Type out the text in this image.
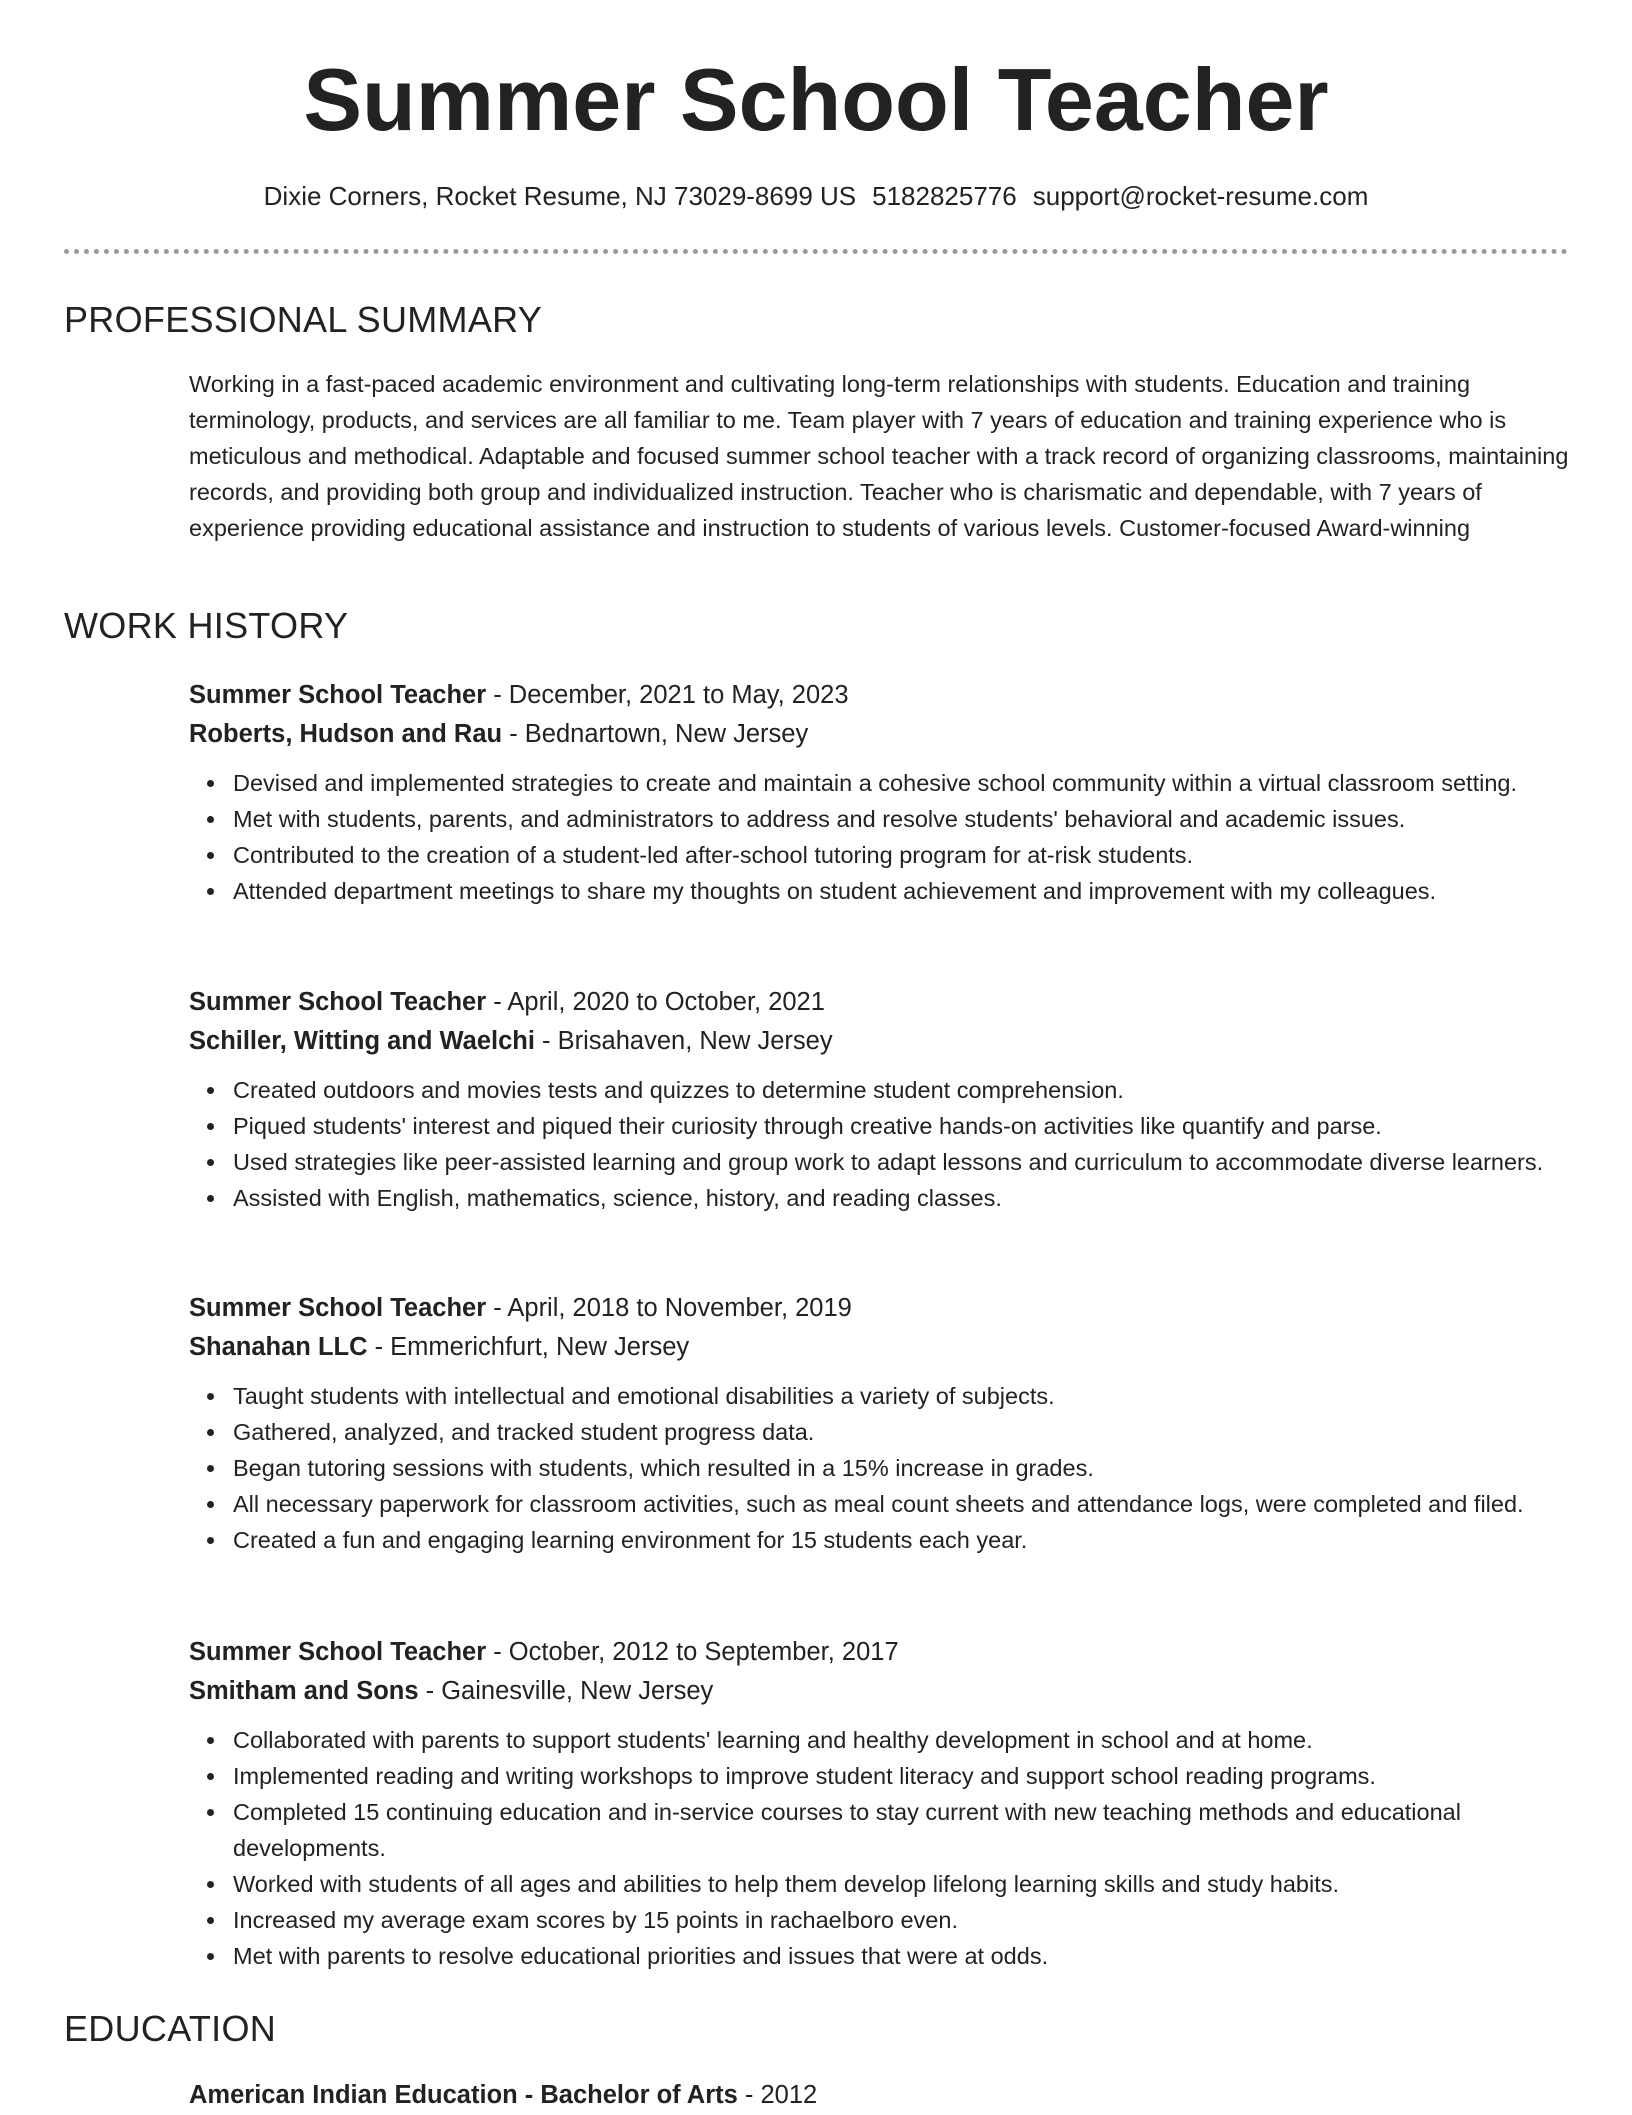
Summer School Teacher
Dixie Corners, Rocket Resume, NJ 73029-8699 US 5182825776 support@rocket-resume.com
PROFESSIONAL SUMMARY
Working in a fast-paced academic environment and cultivating long-term relationships with students. Education and training terminology, products, and services are all familiar to me. Team player with 7 years of education and training experience who is meticulous and methodical. Adaptable and focused summer school teacher with a track record of organizing classrooms, maintaining records, and providing both group and individualized instruction. Teacher who is charismatic and dependable, with 7 years of experience providing educational assistance and instruction to students of various levels. Customer-focused Award-winning
WORK HISTORY
Summer School Teacher - December, 2021 to May, 2023
Roberts, Hudson and Rau - Bednartown, New Jersey
Devised and implemented strategies to create and maintain a cohesive school community within a virtual classroom setting.
Met with students, parents, and administrators to address and resolve students' behavioral and academic issues.
Contributed to the creation of a student-led after-school tutoring program for at-risk students.
Attended department meetings to share my thoughts on student achievement and improvement with my colleagues.
Summer School Teacher - April, 2020 to October, 2021
Schiller, Witting and Waelchi - Brisahaven, New Jersey
Created outdoors and movies tests and quizzes to determine student comprehension.
Piqued students' interest and piqued their curiosity through creative hands-on activities like quantify and parse.
Used strategies like peer-assisted learning and group work to adapt lessons and curriculum to accommodate diverse learners.
Assisted with English, mathematics, science, history, and reading classes.
Summer School Teacher - April, 2018 to November, 2019
Shanahan LLC - Emmerichfurt, New Jersey
Taught students with intellectual and emotional disabilities a variety of subjects.
Gathered, analyzed, and tracked student progress data.
Began tutoring sessions with students, which resulted in a 15% increase in grades.
All necessary paperwork for classroom activities, such as meal count sheets and attendance logs, were completed and filed.
Created a fun and engaging learning environment for 15 students each year.
Summer School Teacher - October, 2012 to September, 2017
Smitham and Sons - Gainesville, New Jersey
Collaborated with parents to support students' learning and healthy development in school and at home.
Implemented reading and writing workshops to improve student literacy and support school reading programs.
Completed 15 continuing education and in-service courses to stay current with new teaching methods and educational developments.
Worked with students of all ages and abilities to help them develop lifelong learning skills and study habits.
Increased my average exam scores by 15 points in rachaelboro even.
Met with parents to resolve educational priorities and issues that were at odds.
EDUCATION
American Indian Education - Bachelor of Arts - 2012
